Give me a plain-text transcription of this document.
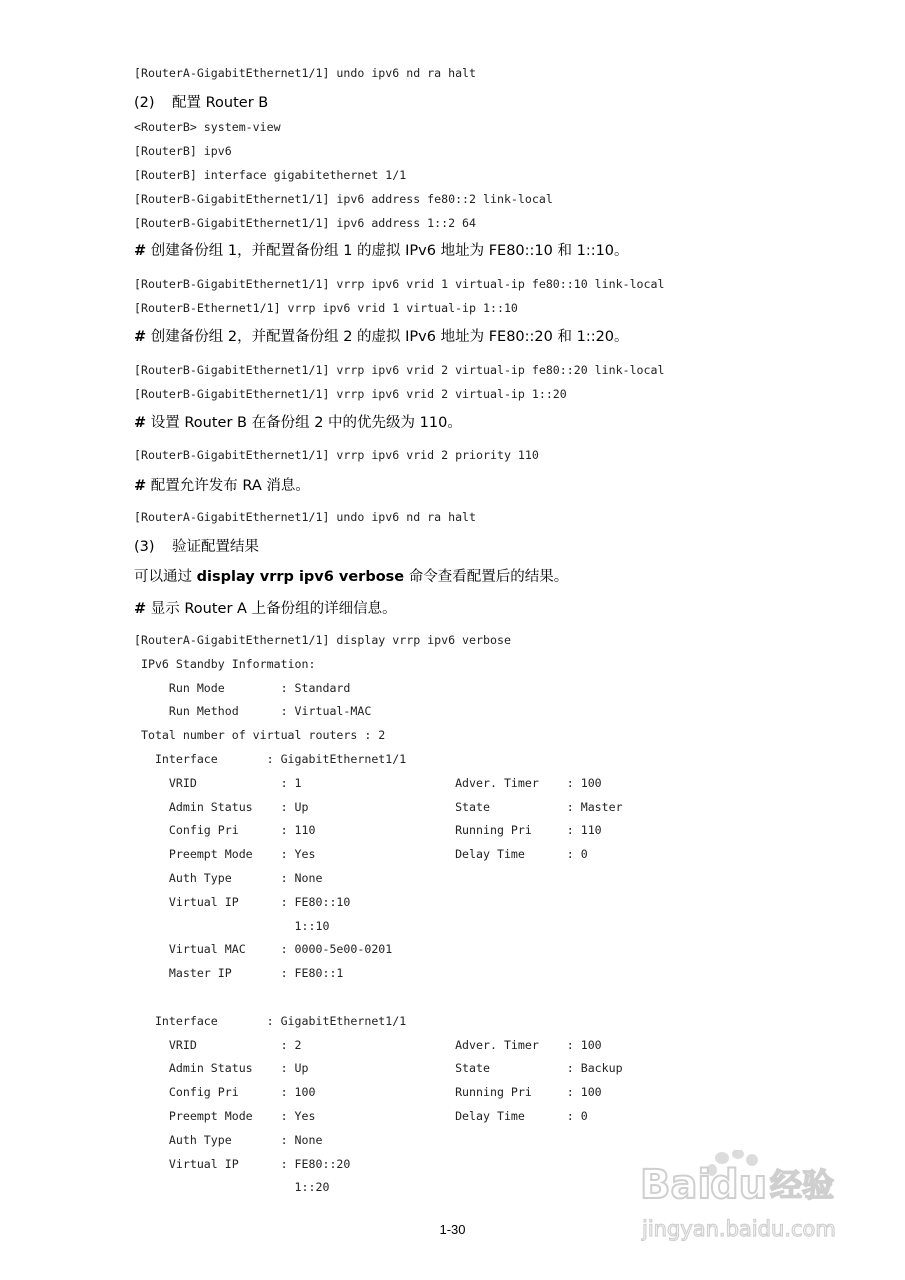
[RouterA-GigabitEthernet1/1] undo ipv6 nd ra halt
(2) 配置 Router B
<RouterB> system-view
[RouterB] ipv6
[RouterB] interface gigabitethernet 1/1
[RouterB-GigabitEthernet1/1] ipv6 address fe80::2 link-local
[RouterB-GigabitEthernet1/1] ipv6 address 1::2 64
# 创建备份组 1，并配置备份组 1 的虚拟 IPv6 地址为 FE80::10 和 1::10。
[RouterB-GigabitEthernet1/1] vrrp ipv6 vrid 1 virtual-ip fe80::10 link-local
[RouterB-Ethernet1/1] vrrp ipv6 vrid 1 virtual-ip 1::10
# 创建备份组 2，并配置备份组 2 的虚拟 IPv6 地址为 FE80::20 和 1::20。
[RouterB-GigabitEthernet1/1] vrrp ipv6 vrid 2 virtual-ip fe80::20 link-local
[RouterB-GigabitEthernet1/1] vrrp ipv6 vrid 2 virtual-ip 1::20
# 设置 Router B 在备份组 2 中的优先级为 110。
[RouterB-GigabitEthernet1/1] vrrp ipv6 vrid 2 priority 110
# 配置允许发布 RA 消息。
[RouterA-GigabitEthernet1/1] undo ipv6 nd ra halt
(3) 验证配置结果
可以通过 display vrrp ipv6 verbose 命令查看配置后的结果。
# 显示 Router A 上备份组的详细信息。
[RouterA-GigabitEthernet1/1] display vrrp ipv6 verbose
IPv6 Standby Information:
Run Mode        : Standard
Run Method      : Virtual-MAC
Total number of virtual routers : 2
Interface       : GigabitEthernet1/1
VRID            : 1                      Adver. Timer    : 100
Admin Status    : Up                     State           : Master
Config Pri      : 110                    Running Pri     : 110
Preempt Mode    : Yes                    Delay Time      : 0
Auth Type       : None
Virtual IP      : FE80::10
1::10
Virtual MAC     : 0000-5e00-0201
Master IP       : FE80::1
Interface       : GigabitEthernet1/1
VRID            : 2                      Adver. Timer    : 100
Admin Status    : Up                     State           : Backup
Config Pri      : 100                    Running Pri     : 100
Preempt Mode    : Yes                    Delay Time      : 0
Auth Type       : None
Virtual IP      : FE80::20
1::20
1-30
Bai
du 经验
jingyan.baidu.com
